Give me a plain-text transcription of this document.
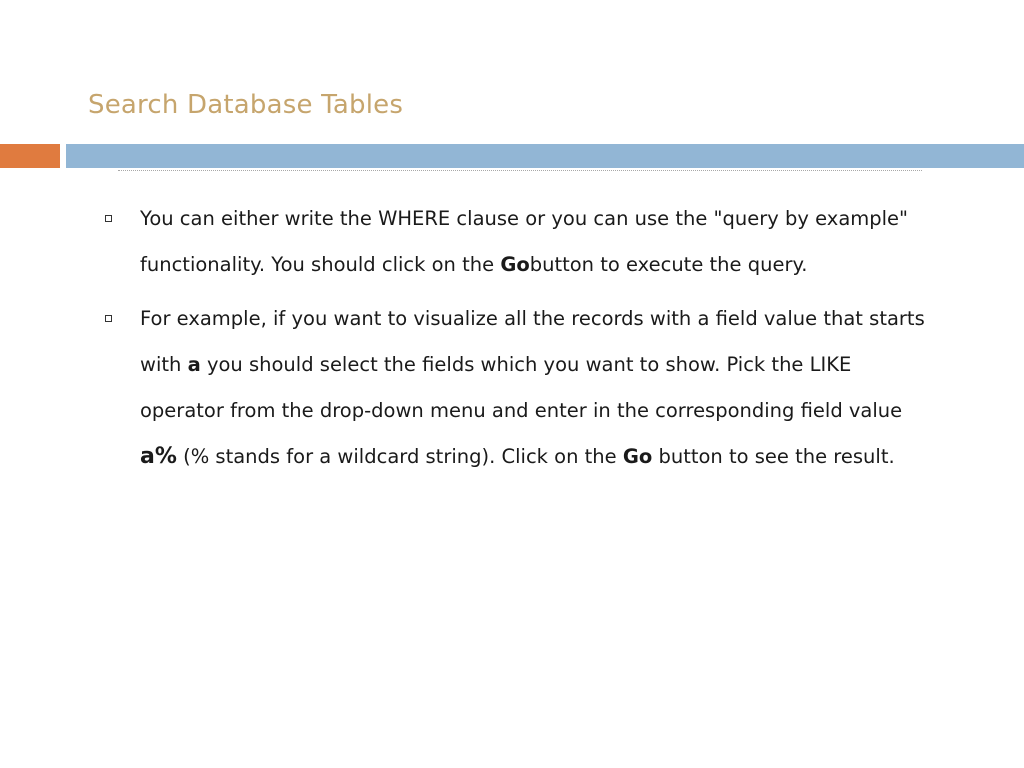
Search Database Tables
You can either write the WHERE clause or you can use the "query by example" functionality. You should click on the Gobutton to execute the query.
For example, if you want to visualize all the records with a field value that starts with a you should select the fields which you want to show. Pick the LIKE operator from the drop-down menu and enter in the corresponding field value a% (% stands for a wildcard string). Click on the Go button to see the result.
